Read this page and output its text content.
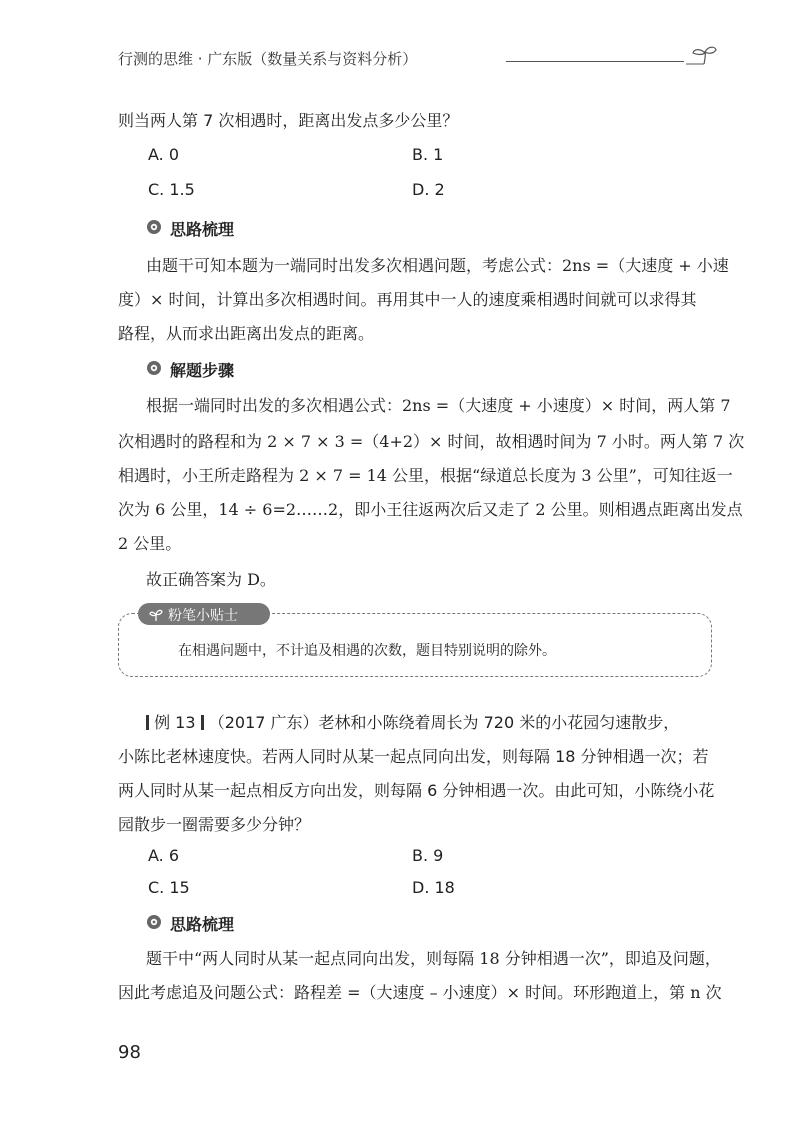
行测的思维 · 广东版（数量关系与资料分析）
则当两人第 7 次相遇时，距离出发点多少公里？
A. 0	B. 1
C. 1.5	D. 2
思路梳理
由题干可知本题为一端同时出发多次相遇问题，考虑公式：2ns =（大速度 + 小速
度）× 时间，计算出多次相遇时间。再用其中一人的速度乘相遇时间就可以求得其
路程，从而求出距离出发点的距离。
解题步骤
根据一端同时出发的多次相遇公式：2ns =（大速度 + 小速度）× 时间，两人第 7
次相遇时的路程和为 2 × 7 × 3 =（4+2）× 时间，故相遇时间为 7 小时。两人第 7 次
相遇时，小王所走路程为 2 × 7 = 14 公里，根据“绿道总长度为 3 公里”，可知往返一
次为 6 公里，14 ÷ 6=2……2，即小王往返两次后又走了 2 公里。则相遇点距离出发点
2 公里。
故正确答案为 D。
粉笔小贴士
在相遇问题中，不计追及相遇的次数，题目特别说明的除外。
例 13 （2017 广东）老林和小陈绕着周长为 720 米的小花园匀速散步，
小陈比老林速度快。若两人同时从某一起点同向出发，则每隔 18 分钟相遇一次；若
两人同时从某一起点相反方向出发，则每隔 6 分钟相遇一次。由此可知，小陈绕小花
园散步一圈需要多少分钟？
A. 6	B. 9
C. 15	D. 18
思路梳理
题干中“两人同时从某一起点同向出发，则每隔 18 分钟相遇一次”，即追及问题，
因此考虑追及问题公式：路程差 =（大速度 – 小速度）× 时间。环形跑道上，第 n 次
98
